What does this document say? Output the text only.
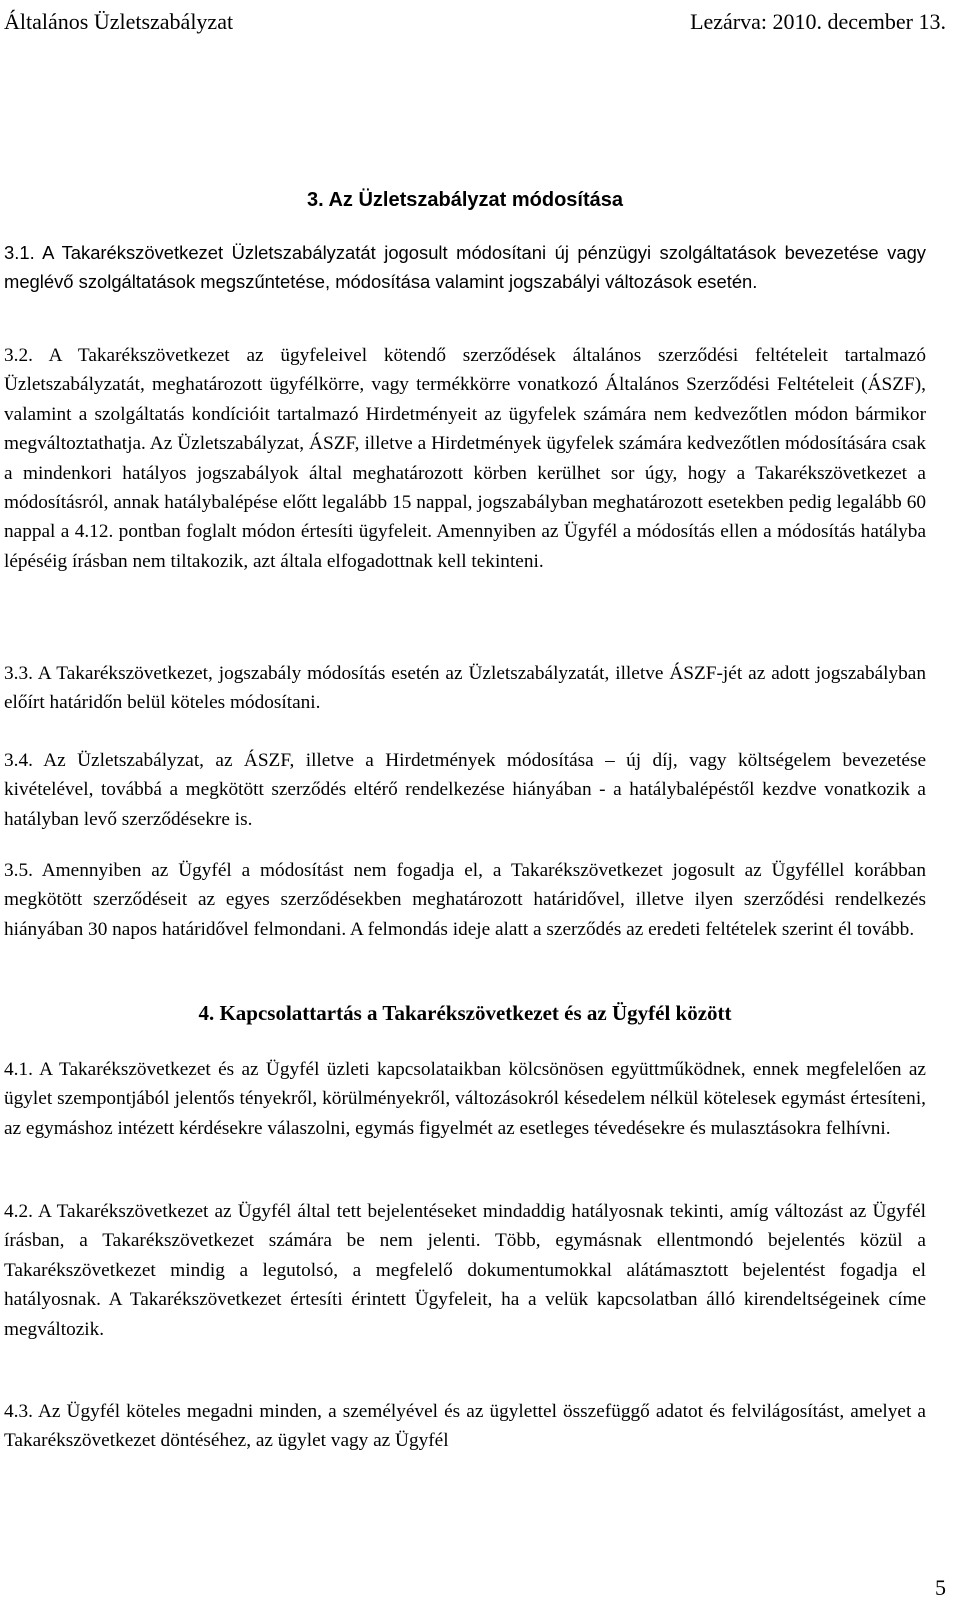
Általános Üzletszabályzat	Lezárva: 2010. december 13.
3. Az Üzletszabályzat módosítása

3.1. A Takarékszövetkezet Üzletszabályzatát jogosult módosítani új pénzügyi szolgáltatások bevezetése vagy meglévő szolgáltatások megszűntetése, módosítása valamint jogszabályi változások esetén.

3.2. A Takarékszövetkezet az ügyfeleivel kötendő szerződések általános szerződési feltételeit tartalmazó Üzletszabályzatát, meghatározott ügyfélkörre, vagy termékkörre vonatkozó Általános Szerződési Feltételeit (ÁSZF), valamint a szolgáltatás kondícióit tartalmazó Hirdetményeit az ügyfelek számára nem kedvezőtlen módon bármikor megváltoztathatja. Az Üzletszabályzat, ÁSZF, illetve a Hirdetmények ügyfelek számára kedvezőtlen módosítására csak a mindenkori hatályos jogszabályok által meghatározott körben kerülhet sor úgy, hogy a Takarékszövetkezet a módosításról, annak hatálybalépése előtt legalább 15 nappal, jogszabályban meghatározott esetekben pedig legalább 60 nappal a 4.12. pontban foglalt módon értesíti ügyfeleit. Amennyiben az Ügyfél a módosítás ellen a módosítás hatályba lépéséig írásban nem tiltakozik, azt általa elfogadottnak kell tekinteni.

3.3. A Takarékszövetkezet, jogszabály módosítás esetén az Üzletszabályzatát, illetve ÁSZF-jét az adott jogszabályban előírt határidőn belül köteles módosítani.

3.4. Az Üzletszabályzat, az ÁSZF, illetve a Hirdetmények módosítása – új díj, vagy költségelem bevezetése kivételével, továbbá a megkötött szerződés eltérő rendelkezése hiányában - a hatálybalépéstől kezdve vonatkozik a hatályban levő szerződésekre is.

3.5. Amennyiben az Ügyfél a módosítást nem fogadja el, a Takarékszövetkezet jogosult az Ügyféllel korábban megkötött szerződéseit az egyes szerződésekben meghatározott határidővel, illetve ilyen szerződési rendelkezés hiányában 30 napos határidővel felmondani. A felmondás ideje alatt a szerződés az eredeti feltételek szerint él tovább.

4. Kapcsolattartás a Takarékszövetkezet és az Ügyfél között

4.1. A Takarékszövetkezet és az Ügyfél üzleti kapcsolataikban kölcsönösen együttműködnek, ennek megfelelően az ügylet szempontjából jelentős tényekről, körülményekről, változásokról késedelem nélkül kötelesek egymást értesíteni, az egymáshoz intézett kérdésekre válaszolni, egymás figyelmét az esetleges tévedésekre és mulasztásokra felhívni.

4.2. A Takarékszövetkezet az Ügyfél által tett bejelentéseket mindaddig hatályosnak tekinti, amíg változást az Ügyfél írásban, a Takarékszövetkezet számára be nem jelenti. Több, egymásnak ellentmondó bejelentés közül a Takarékszövetkezet mindig a legutolsó, a megfelelő dokumentumokkal alátámasztott bejelentést fogadja el hatályosnak. A Takarékszövetkezet értesíti érintett Ügyfeleit, ha a velük kapcsolatban álló kirendeltségeinek címe megváltozik.

4.3. Az Ügyfél köteles megadni minden, a személyével és az ügylettel összefüggő adatot és felvilágosítást, amelyet a Takarékszövetkezet döntéséhez, az ügylet vagy az Ügyfél

5
